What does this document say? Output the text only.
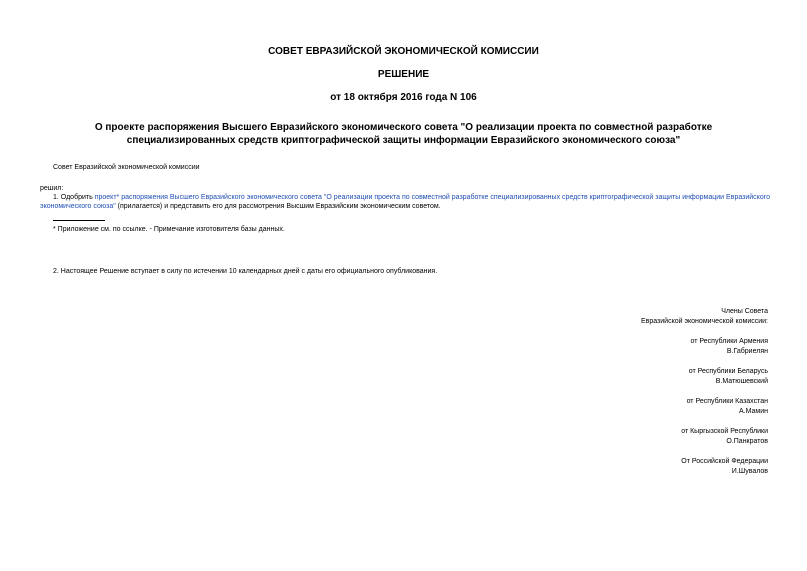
СОВЕТ ЕВРАЗИЙСКОЙ ЭКОНОМИЧЕСКОЙ КОМИССИИ
РЕШЕНИЕ
от 18 октября 2016 года N 106
О проекте распоряжения Высшего Евразийского экономического совета "О реализации проекта по совместной разработке специализированных средств криптографической защиты информации Евразийского экономического союза"
Совет Евразийской экономической комиссии
решил:
1. Одобрить проект* распоряжения Высшего Евразийского экономического совета "О реализации проекта по совместной разработке специализированных средств криптографической защиты информации Евразийского экономического союза" (прилагается) и представить его для рассмотрения Высшим Евразийским экономическим советом.
* Приложение см. по ссылке. - Примечание изготовителя базы данных.
2. Настоящее Решение вступает в силу по истечении 10 календарных дней с даты его официального опубликования.
Члены Совета
Евразийской экономической комиссии:
от Республики Армения
В.Габриелян
от Республики Беларусь
В.Матюшевский
от Республики Казахстан
А.Мамин
от Кыргызской Республики
О.Панкратов
От Российской Федерации
И.Шувалов
